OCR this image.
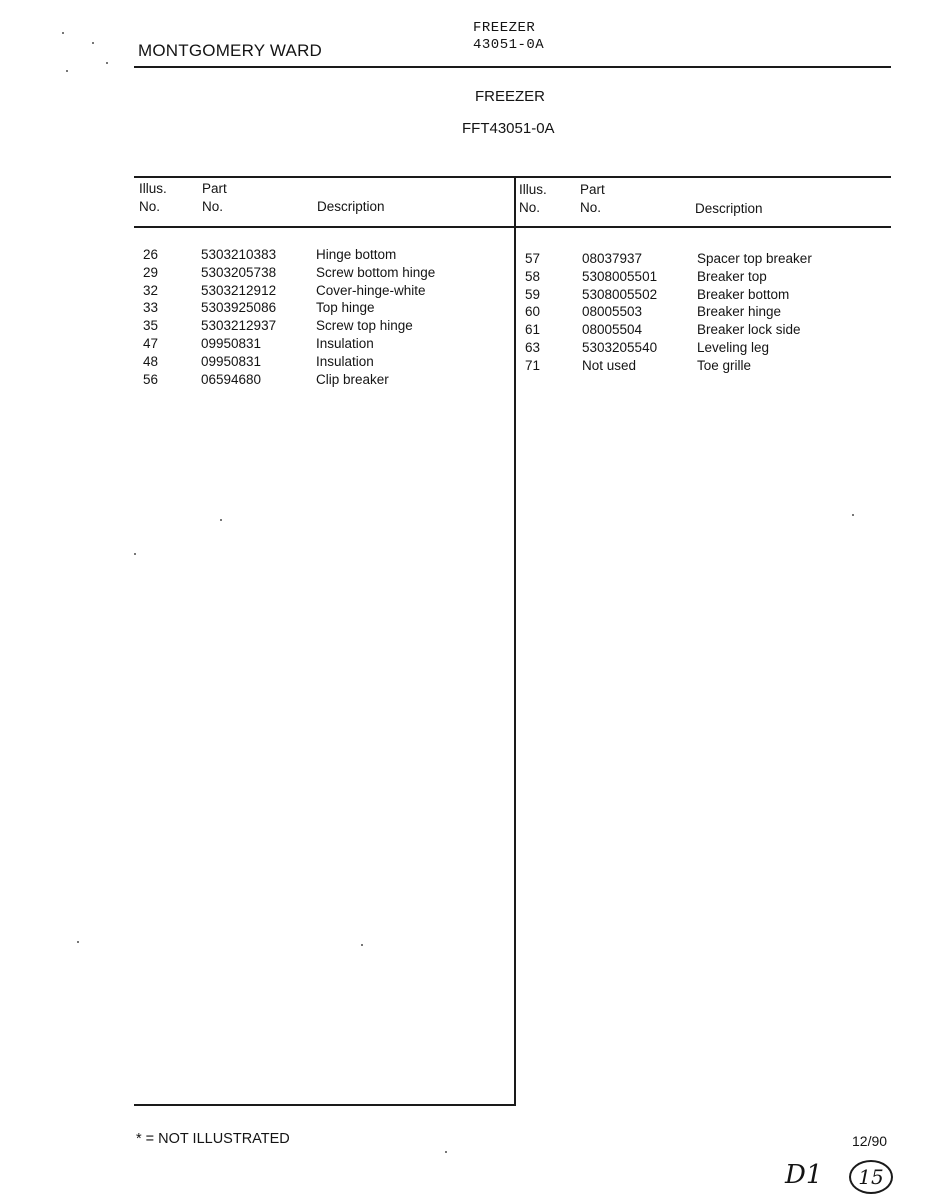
MONTGOMERY WARD
FREEZER
43051-0A
FREEZER
FFT43051-0A
Illus.
No.
Part
No.	Description
Illus.
No.
Part
No.	Description
26	5303210383	Hinge bottom
29	5303205738	Screw bottom hinge
32	5303212912	Cover-hinge-white
33	5303925086	Top hinge
35	5303212937	Screw top hinge
47	09950831	Insulation
48	09950831	Insulation
56	06594680	Clip breaker
57	08037937	Spacer top breaker
58	5308005501	Breaker top
59	5308005502	Breaker bottom
60	08005503	Breaker hinge
61	08005504	Breaker lock side
63	5303205540	Leveling leg
71	Not used	Toe grille
* = NOT ILLUSTRATED	12/90
D1	15
